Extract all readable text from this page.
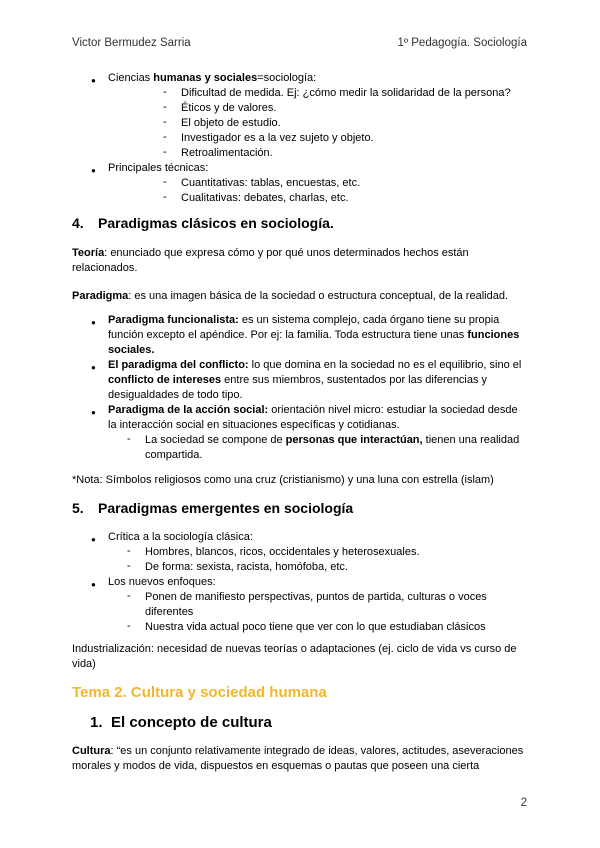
Victor Bermudez Sarria	1º Pedagogía. Sociología
● Ciencias humanas y sociales=sociología:
- Dificultad de medida. Ej: ¿cómo medir la solidaridad de la persona?
- Éticos y de valores.
- El objeto de estudio.
- Investigador es a la vez sujeto y objeto.
- Retroalimentación.
● Principales técnicas:
- Cuantitativas: tablas, encuestas, etc.
- Cualitativas: debates, charlas, etc.
4. Paradigmas clásicos en sociología.
Teoría: enunciado que expresa cómo y por qué unos determinados hechos están relacionados.
Paradigma: es una imagen básica de la sociedad o estructura conceptual, de la realidad.
● Paradigma funcionalista: es un sistema complejo, cada órgano tiene su propia función excepto el apéndice. Por ej: la familia. Toda estructura tiene unas funciones sociales.
● El paradigma del conflicto: lo que domina en la sociedad no es el equilibrio, sino el conflicto de intereses entre sus miembros, sustentados por las diferencias y desigualdades de todo tipo.
● Paradigma de la acción social: orientación nivel micro: estudiar la sociedad desde la interacción social en situaciones específicas y cotidianas.
- La sociedad se compone de personas que interactúan, tienen una realidad compartida.
*Nota: Símbolos religiosos como una cruz (cristianismo) y una luna con estrella (islam)
5. Paradigmas emergentes en sociología
● Crítica a la sociología clásica:
- Hombres, blancos, ricos, occidentales y heterosexuales.
- De forma: sexista, racista, homófoba, etc.
● Los nuevos enfoques:
- Ponen de manifiesto perspectivas, puntos de partida, culturas o voces diferentes
- Nuestra vida actual poco tiene que ver con lo que estudiaban clásicos
Industrialización: necesidad de nuevas teorías o adaptaciones (ej. ciclo de vida vs curso de vida)
Tema 2. Cultura y sociedad humana
1. El concepto de cultura
Cultura: “es un conjunto relativamente integrado de ideas, valores, actitudes, aseveraciones morales y modos de vida, dispuestos en esquemas o pautas que poseen una cierta
2
